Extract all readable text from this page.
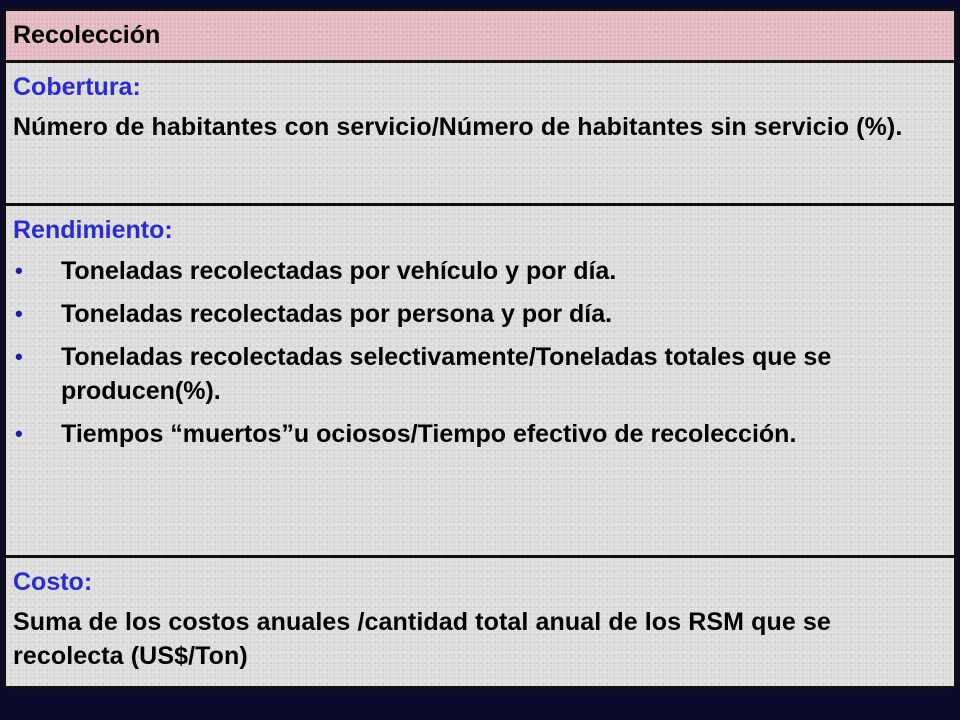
Recolección

Cobertura:
Número de habitantes con servicio/Número de habitantes sin servicio (%).

Rendimiento:
• Toneladas recolectadas por vehículo y por día.
• Toneladas recolectadas por persona y por día.
• Toneladas recolectadas selectivamente/Toneladas totales que se producen(%).
• Tiempos “muertos”u ociosos/Tiempo efectivo de recolección.

Costo:
Suma de los costos anuales /cantidad total anual de los RSM que se recolecta (US$/Ton)
